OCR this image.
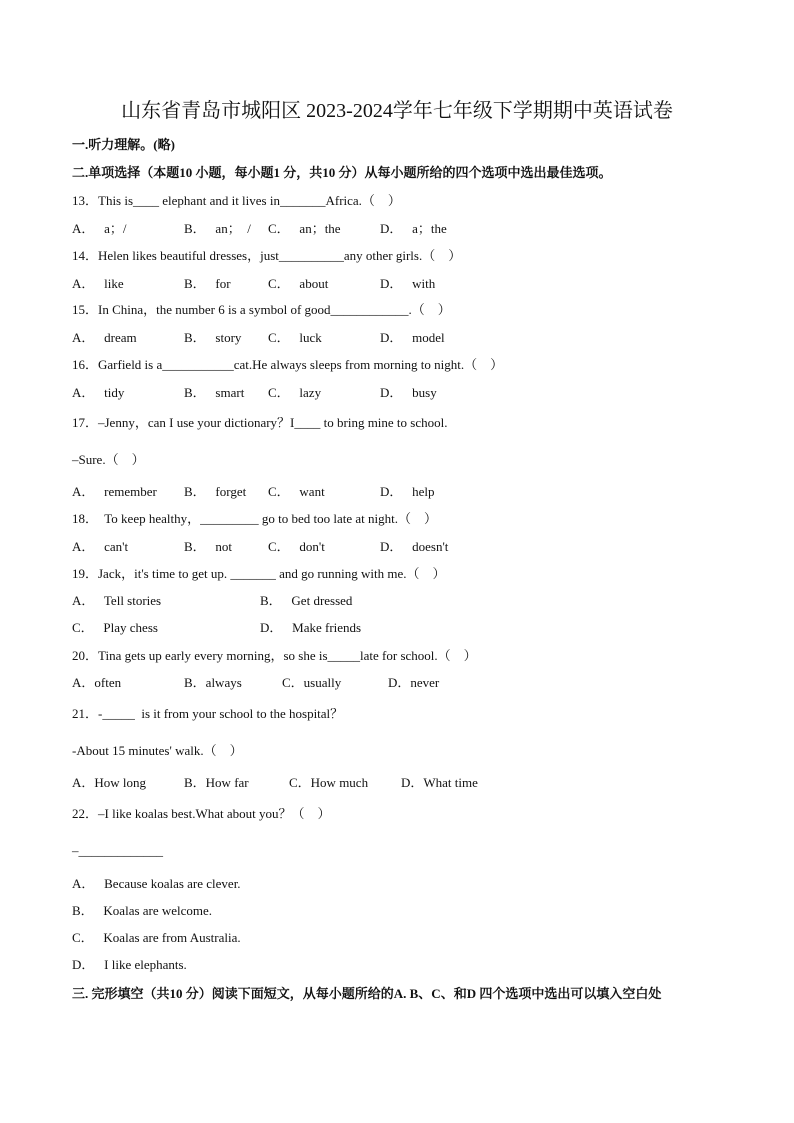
山东省青岛市城阳区 2023-2024学年七年级下学期期中英语试卷
一.听力理解。(略)
二.单项选择（本题10 小题，每小题1 分，共10 分）从每小题所给的四个选项中选出最佳选项。
13．This is____ elephant and it lives in_______Africa.（　）
A．   a；/	B．   an；  / C．   an；the	D．   a；the
14．Helen likes beautiful dresses，just__________any other girls.（　）
A．   like	B．   for	C．   about	D．   with
15．In China，the number 6 is a symbol of good____________.（　）
A．   dream	B．   story C．   luck	D．   model
16．Garfield is a___________cat.He always sleeps from morning to night.（　）
A．   tidy	B．   smart C．   lazy	D．   busy
17．–Jenny，can I use your dictionary？I____ to bring mine to school.
–Sure.（　）
A．   remember B．   forget C．   want	D．   help
18．  To keep healthy，_________ go to bed too late at night.（　）
A．   can't	B．   not	C．   don't	D．   doesn't
19．Jack，it's time to get up. _______ and go running with me.（　）
A．   Tell stories	B．   Get dressed
C．   Play chess	D．   Make friends
20．Tina gets up early every morning，so she is_____late for school.（　）
A．often	B．always	C．usually	D．never
21．-_____  is it from your school to the hospital？
-About 15 minutes' walk.（　）
A．How long	B．How far	C．How much	D．What time
22．–I like koalas best.What about you？（　）
–_____________
A．   Because koalas are clever.
B．   Koalas are welcome.
C．   Koalas are from Australia.
D．   I like elephants.
三. 完形填空（共10 分）阅读下面短文，从每小题所给的A. B、C、和D 四个选项中选出可以填入空白处
